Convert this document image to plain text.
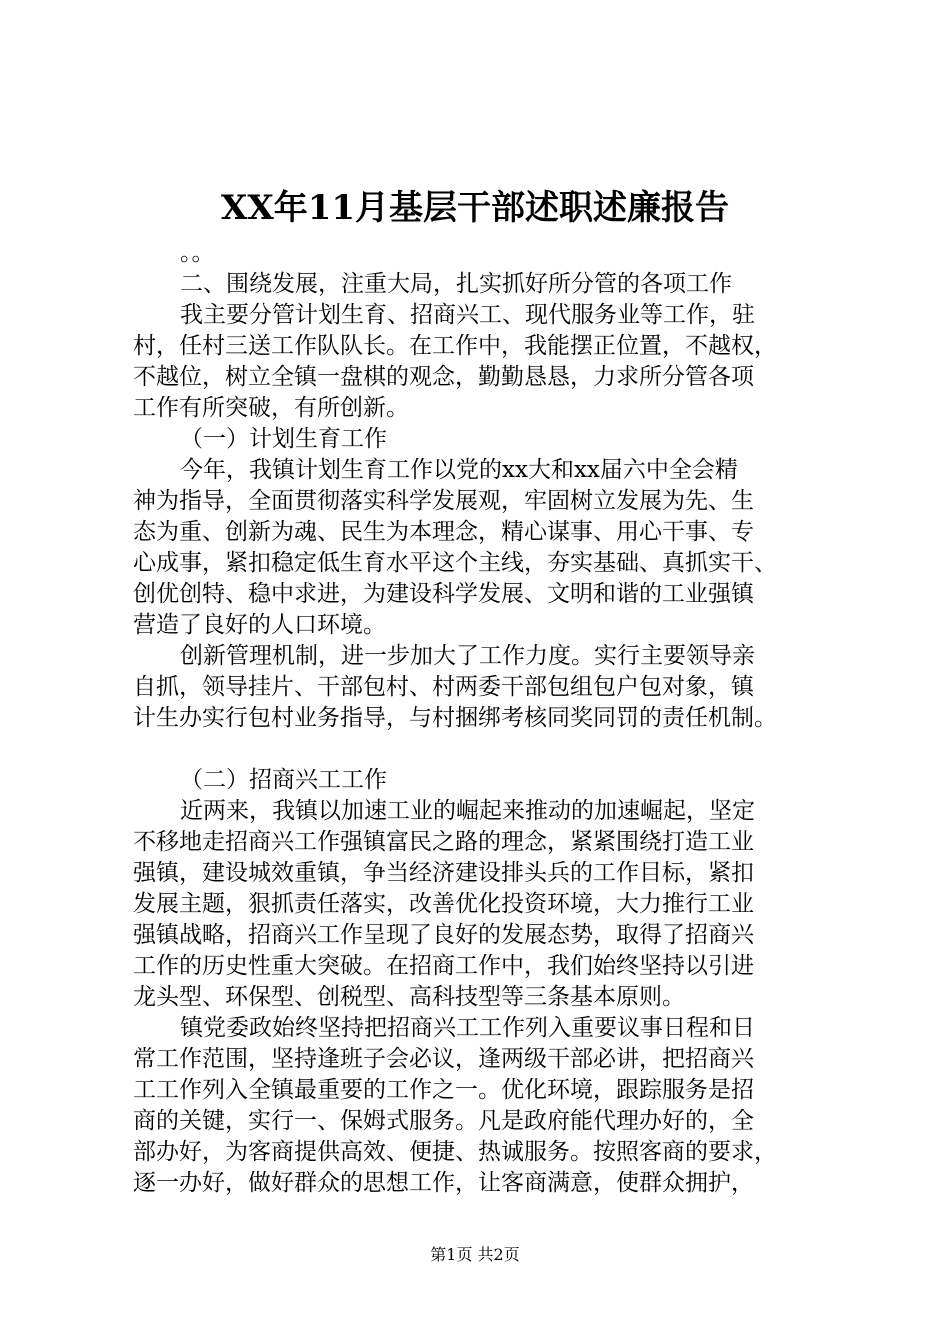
XX年11月基层干部述职述廉报告
。。
二、围绕发展，注重大局，扎实抓好所分管的各项工作
我主要分管计划生育、招商兴工、现代服务业等工作，驻
村，任村三送工作队队长。在工作中，我能摆正位置，不越权，
不越位，树立全镇一盘棋的观念，勤勤恳恳，力求所分管各项
工作有所突破，有所创新。
（一）计划生育工作
今年，我镇计划生育工作以党的xx大和xx届六中全会精
神为指导，全面贯彻落实科学发展观，牢固树立发展为先、生
态为重、创新为魂、民生为本理念，精心谋事、用心干事、专
心成事，紧扣稳定低生育水平这个主线，夯实基础、真抓实干、
创优创特、稳中求进，为建设科学发展、文明和谐的工业强镇
营造了良好的人口环境。
创新管理机制，进一步加大了工作力度。实行主要领导亲
自抓，领导挂片、干部包村、村两委干部包组包户包对象，镇
计生办实行包村业务指导，与村捆绑考核同奖同罚的责任机制。
（二）招商兴工工作
近两来，我镇以加速工业的崛起来推动的加速崛起，坚定
不移地走招商兴工作强镇富民之路的理念，紧紧围绕打造工业
强镇，建设城效重镇，争当经济建设排头兵的工作目标，紧扣
发展主题，狠抓责任落实，改善优化投资环境，大力推行工业
强镇战略，招商兴工作呈现了良好的发展态势，取得了招商兴
工作的历史性重大突破。在招商工作中，我们始终坚持以引进
龙头型、环保型、创税型、高科技型等三条基本原则。
镇党委政始终坚持把招商兴工工作列入重要议事日程和日
常工作范围，坚持逢班子会必议，逢两级干部必讲，把招商兴
工工作列入全镇最重要的工作之一。优化环境，跟踪服务是招
商的关键，实行一、保姆式服务。凡是政府能代理办好的，全
部办好，为客商提供高效、便捷、热诚服务。按照客商的要求，
逐一办好，做好群众的思想工作，让客商满意，使群众拥护，
第1页 共2页
